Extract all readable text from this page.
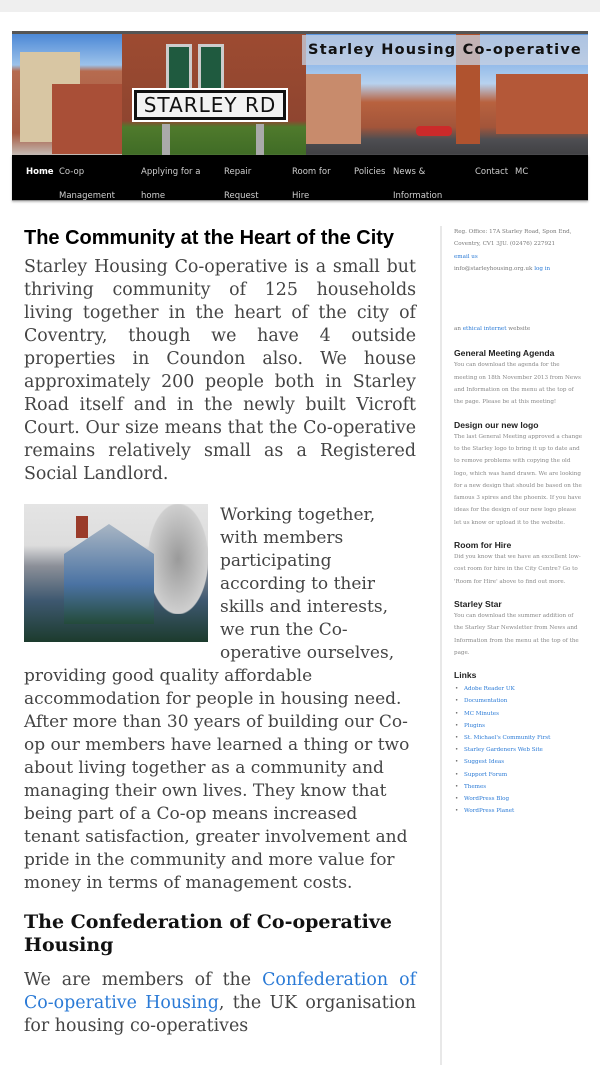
STARLEY RD
Starley Housing Co-operative
Home Co-op
Management
Applying for a
home
Repair
Request
Room for
Hire
Policies News &
Information
Contact MC
The Community at the Heart of the City

Starley Housing Co-operative is a small but thriving community of 125 households living together in the heart of the city of Coventry, though we have 4 outside properties in Coundon also. We house approximately 200 people both in Starley Road itself and in the newly built Vicroft Court. Our size means that the Co-operative remains relatively small as a Registered Social Landlord.

Working together, with members participating according to their skills and interests, we run the Co-operative ourselves, providing good quality affordable accommodation for people in housing need. After more than 30 years of building our Co-op our members have learned a thing or two about living together as a community and managing their own lives. They know that being part of a Co-op means increased tenant satisfaction, greater involvement and pride in the community and more value for money in terms of management costs.

The Confederation of Co-operative Housing

We are members of the Confederation of Co-operative Housing, the UK organisation for housing co-operatives

Reg. Office: 17A Starley Road, Spon End, Coventry, CV1 3JU. (02476) 227921
email us
info@starleyhousing.org.uk log in
an ethical internet website
General Meeting Agenda
You can download the agenda for the meeting on 18th November 2013 from News and Information on the menu at the top of the page. Please be at this meeting!
Design our new logo
The last General Meeting approved a change to the Starley logo to bring it up to date and to remove problems with copying the old logo, which was hand drawn. We are looking for a new design that should be based on the famous 3 spires and the phoenix. If you have ideas for the design of our new logo please let us know or upload it to the website.
Room for Hire
Did you know that we have an excellent low-cost room for hire in the City Centre? Go to 'Room for Hire' above to find out more.
Starley Star
You can download the summer addition of the Starley Star Newsletter from News and Information from the menu at the top of the page.
Links
• Adobe Reader UK
• Documentation
• MC Minutes
• Plugins
• St. Michael's Community First
• Starley Gardeners Web Site
• Suggest Ideas
• Support Forum
• Themes
• WordPress Blog
• WordPress Planet
